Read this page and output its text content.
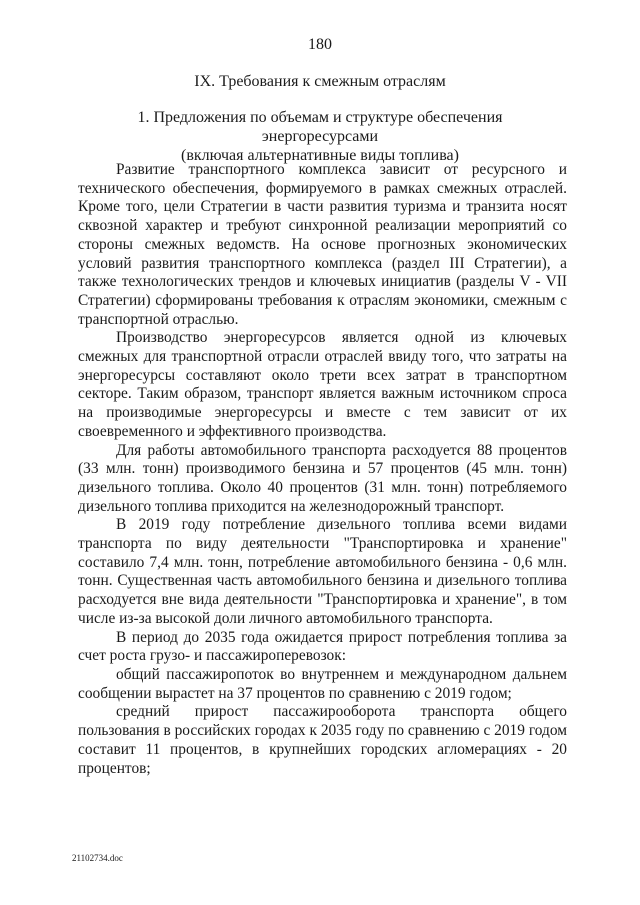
180
IX. Требования к смежным отраслям
1. Предложения по объемам и структуре обеспечения энергоресурсами
(включая альтернативные виды топлива)

Развитие транспортного комплекса зависит от ресурсного и технического обеспечения, формируемого в рамках смежных отраслей. Кроме того, цели Стратегии в части развития туризма и транзита носят сквозной характер и требуют синхронной реализации мероприятий со стороны смежных ведомств. На основе прогнозных экономических условий развития транспортного комплекса (раздел III Стратегии), а также технологических трендов и ключевых инициатив (разделы V - VII Стратегии) сформированы требования к отраслям экономики, смежным с транспортной отраслью.

Производство энергоресурсов является одной из ключевых смежных для транспортной отрасли отраслей ввиду того, что затраты на энергоресурсы составляют около трети всех затрат в транспортном секторе. Таким образом, транспорт является важным источником спроса на производимые энергоресурсы и вместе с тем зависит от их своевременного и эффективного производства.

Для работы автомобильного транспорта расходуется 88 процентов (33 млн. тонн) производимого бензина и 57 процентов (45 млн. тонн) дизельного топлива. Около 40 процентов (31 млн. тонн) потребляемого дизельного топлива приходится на железнодорожный транспорт.

В 2019 году потребление дизельного топлива всеми видами транспорта по виду деятельности "Транспортировка и хранение" составило 7,4 млн. тонн, потребление автомобильного бензина - 0,6 млн. тонн. Существенная часть автомобильного бензина и дизельного топлива расходуется вне вида деятельности "Транспортировка и хранение", в том числе из-за высокой доли личного автомобильного транспорта.

В период до 2035 года ожидается прирост потребления топлива за счет роста грузо- и пассажироперевозок:

общий пассажиропоток во внутреннем и международном дальнем сообщении вырастет на 37 процентов по сравнению с 2019 годом;

средний прирост пассажирооборота транспорта общего пользования в российских городах к 2035 году по сравнению с 2019 годом составит 11 процентов, в крупнейших городских агломерациях - 20 процентов;

21102734.doc
